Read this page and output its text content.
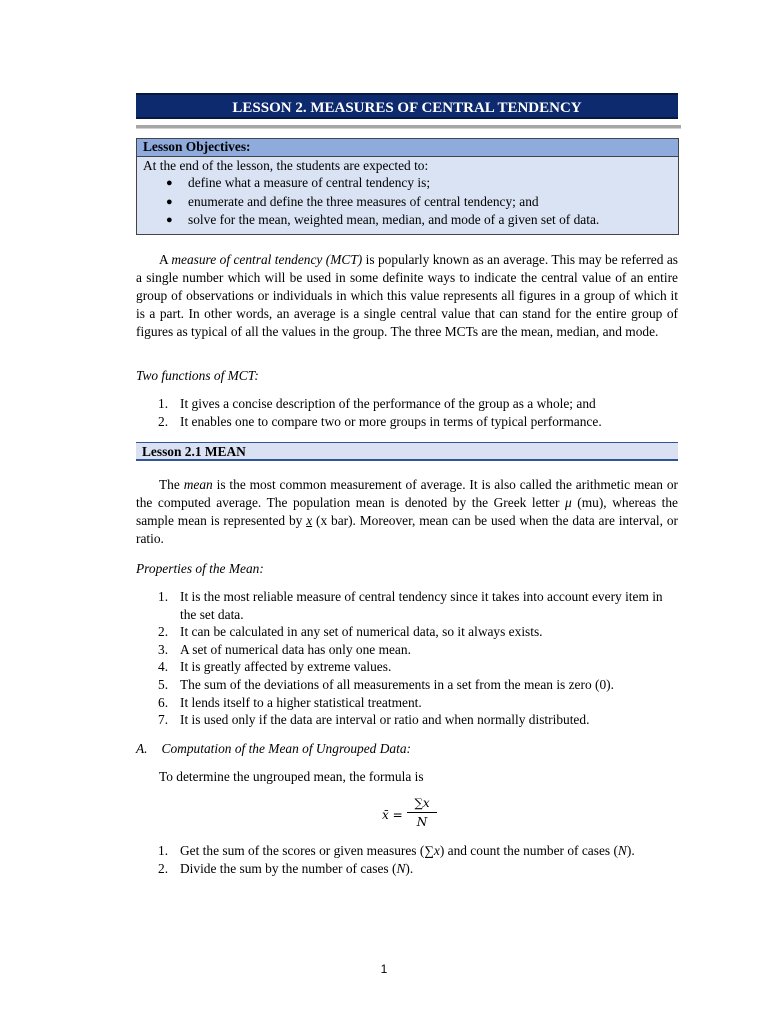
LESSON 2. MEASURES OF CENTRAL TENDENCY
Lesson Objectives:
At the end of the lesson, the students are expected to:
● define what a measure of central tendency is;
● enumerate and define the three measures of central tendency; and
● solve for the mean, weighted mean, median, and mode of a given set of data.

A measure of central tendency (MCT) is popularly known as an average. This may be referred as a single number which will be used in some definite ways to indicate the central value of an entire group of observations or individuals in which this value represents all figures in a group of which it is a part. In other words, an average is a single central value that can stand for the entire group of figures as typical of all the values in the group. The three MCTs are the mean, median, and mode.

Two functions of MCT:
1. It gives a concise description of the performance of the group as a whole; and
2. It enables one to compare two or more groups in terms of typical performance.
Lesson 2.1 MEAN

The mean is the most common measurement of average. It is also called the arithmetic mean or the computed average. The population mean is denoted by the Greek letter μ (mu), whereas the sample mean is represented by x (x bar). Moreover, mean can be used when the data are interval, or ratio.

Properties of the Mean:
1. It is the most reliable measure of central tendency since it takes into account every item in the set data.
2. It can be calculated in any set of numerical data, so it always exists.
3. A set of numerical data has only one mean.
4. It is greatly affected by extreme values.
5. The sum of the deviations of all measurements in a set from the mean is zero (0).
6. It lends itself to a higher statistical treatment.
7. It is used only if the data are interval or ratio and when normally distributed.
A. Computation of the Mean of Ungrouped Data:
To determine the ungrouped mean, the formula is
x̄ =
∑x
N
1. Get the sum of the scores or given measures (∑x) and count the number of cases (N).
2. Divide the sum by the number of cases (N).
1
